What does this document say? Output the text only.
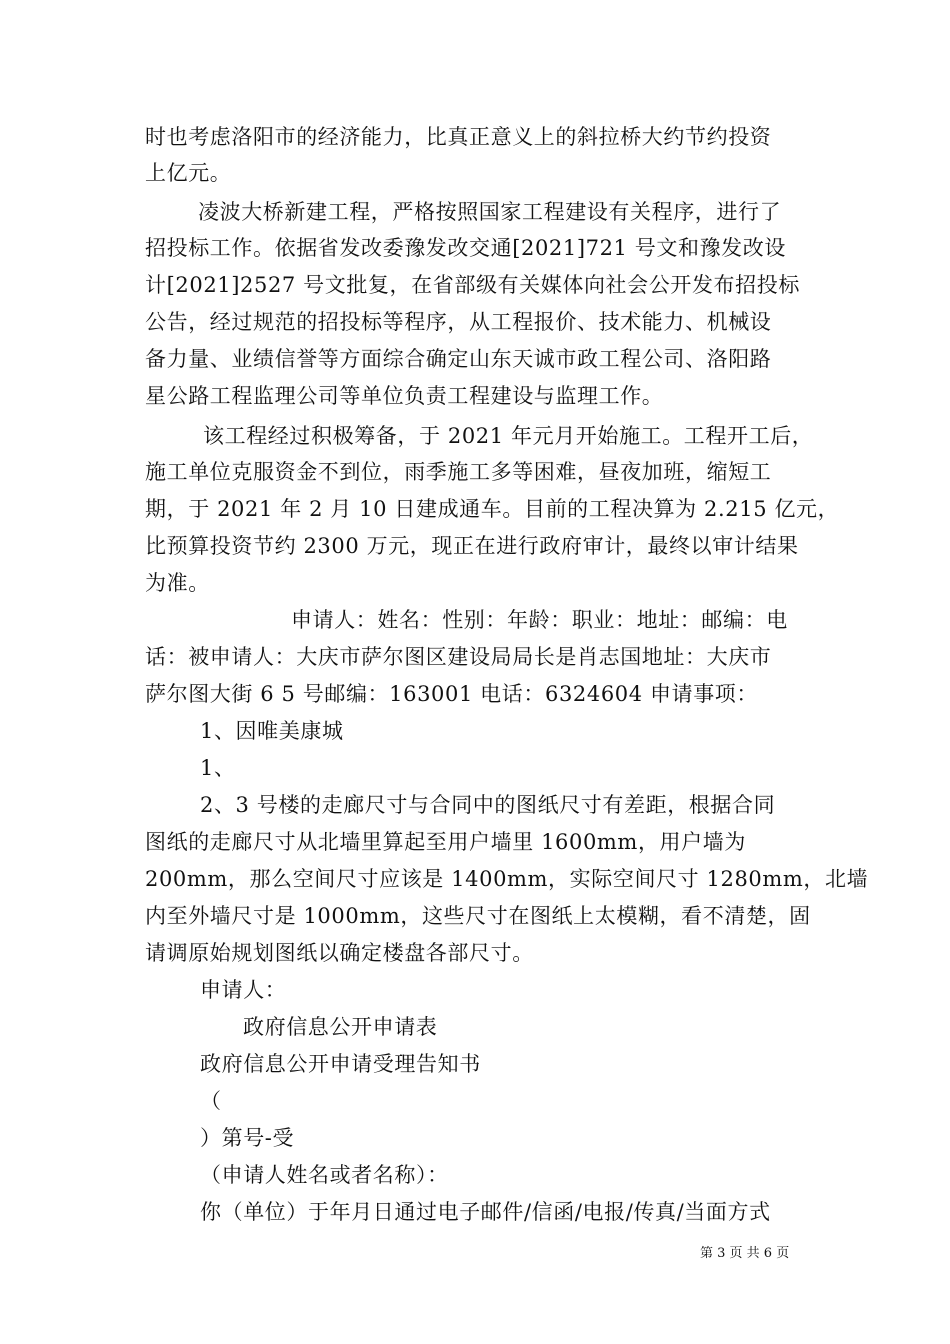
时也考虑洛阳市的经济能力，比真正意义上的斜拉桥大约节约投资
上亿元。
凌波大桥新建工程，严格按照国家工程建设有关程序，进行了
招投标工作。依据省发改委豫发改交通[2021]721 号文和豫发改设
计[2021]2527 号文批复，在省部级有关媒体向社会公开发布招投标
公告，经过规范的招投标等程序，从工程报价、技术能力、机械设
备力量、业绩信誉等方面综合确定山东天诚市政工程公司、洛阳路
星公路工程监理公司等单位负责工程建设与监理工作。
该工程经过积极筹备，于 2021 年元月开始施工。工程开工后，
施工单位克服资金不到位，雨季施工多等困难，昼夜加班，缩短工
期，于 2021 年 2 月 10 日建成通车。目前的工程决算为 2.215 亿元，
比预算投资节约 2300 万元，现正在进行政府审计，最终以审计结果
为准。
申请人：姓名：性别：年龄：职业：地址：邮编：电
话：被申请人：大庆市萨尔图区建设局局长是肖志国地址：大庆市
萨尔图大街 6 5 号邮编：163001 电话：6324604 申请事项：
1、因唯美康城
1、
2、3 号楼的走廊尺寸与合同中的图纸尺寸有差距，根据合同
图纸的走廊尺寸从北墙里算起至用户墙里 1600mm，用户墙为
200mm，那么空间尺寸应该是 1400mm，实际空间尺寸 1280mm，北墙
内至外墙尺寸是 1000mm，这些尺寸在图纸上太模糊，看不清楚，固
请调原始规划图纸以确定楼盘各部尺寸。
申请人：
政府信息公开申请表
政府信息公开申请受理告知书
（
）第号-受
（申请人姓名或者名称）：
你（单位）于年月日通过电子邮件/信函/电报/传真/当面方式
第 3 页 共 6 页
